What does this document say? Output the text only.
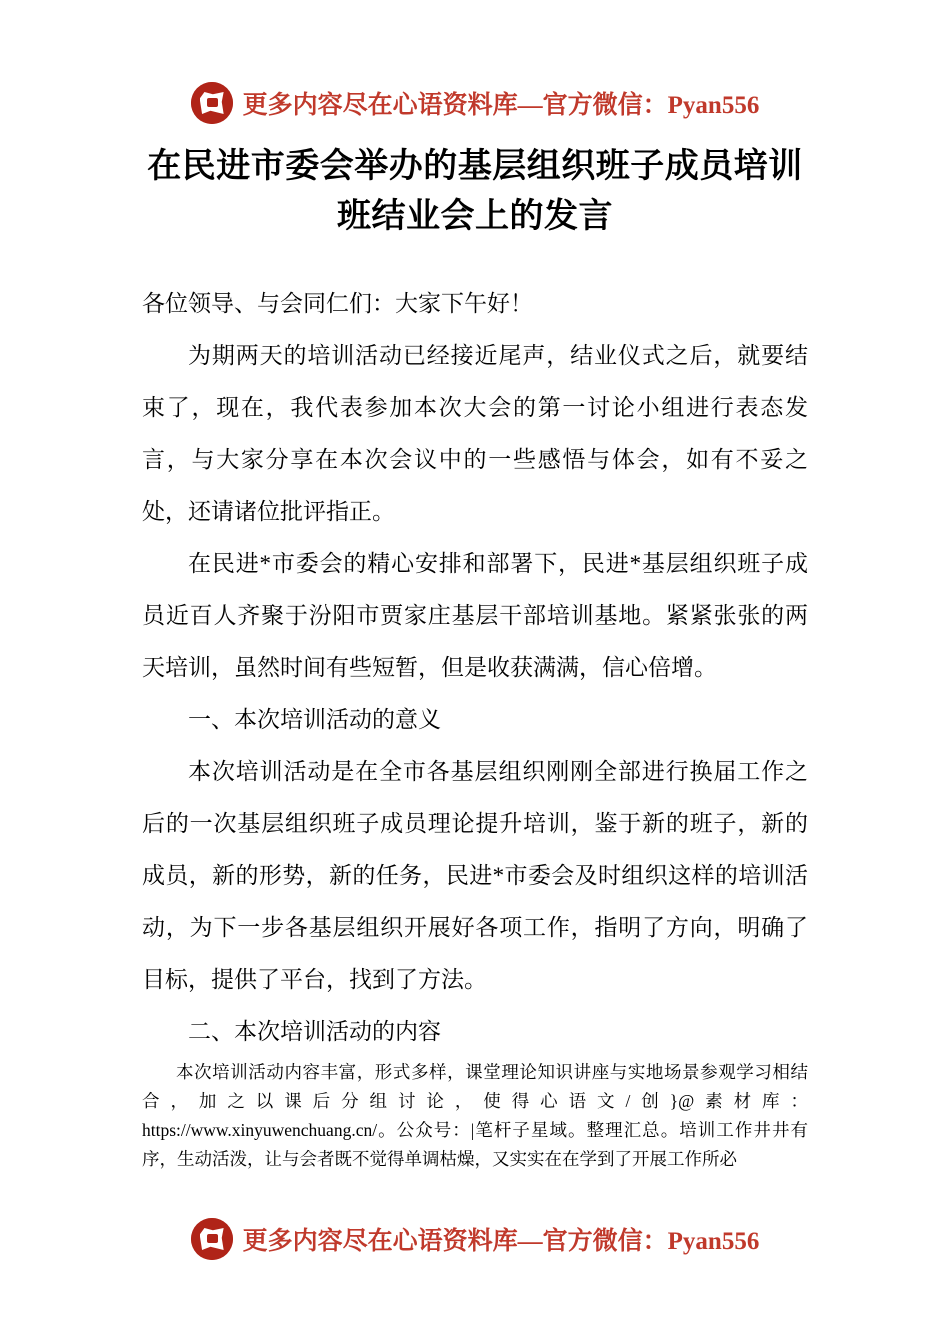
更多内容尽在心语资料库—官方微信：Pyan556
在民进市委会举办的基层组织班子成员培训班结业会上的发言

各位领导、与会同仁们：大家下午好！

为期两天的培训活动已经接近尾声，结业仪式之后，就要结束了，现在，我代表参加本次大会的第一讨论小组进行表态发言，与大家分享在本次会议中的一些感悟与体会，如有不妥之处，还请诸位批评指正。

在民进*市委会的精心安排和部署下，民进*基层组织班子成员近百人齐聚于汾阳市贾家庄基层干部培训基地。紧紧张张的两天培训，虽然时间有些短暂，但是收获满满，信心倍增。

一、本次培训活动的意义

本次培训活动是在全市各基层组织刚刚全部进行换届工作之后的一次基层组织班子成员理论提升培训，鉴于新的班子，新的成员，新的形势，新的任务，民进*市委会及时组织这样的培训活动，为下一步各基层组织开展好各项工作，指明了方向，明确了目标，提供了平台，找到了方法。

二、本次培训活动的内容

本次培训活动内容丰富，形式多样，课堂理论知识讲座与实地场景参观学习相结合，加之以课后分组讨论，使得心语文/创}@素材库：https://www.xinyuwenchuang.cn/。公众号：|笔杆子星域。整理汇总。培训工作井井有序，生动活泼，让与会者既不觉得单调枯燥，又实实在在学到了开展工作所必

更多内容尽在心语资料库—官方微信：Pyan556
